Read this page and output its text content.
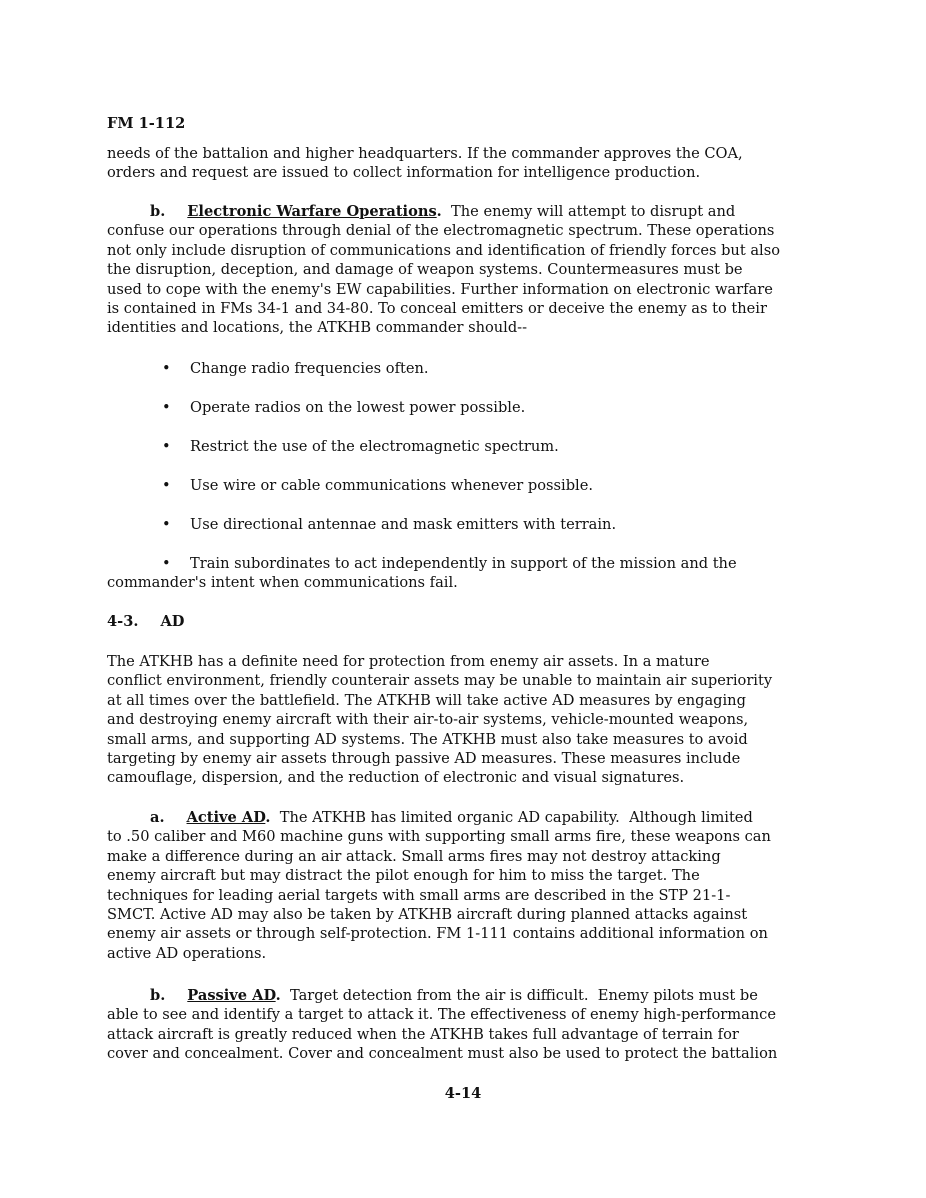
FM 1-112
needs of the battalion and higher headquarters. If the commander approves the COA,
orders and request are issued to collect information for intelligence production.
b. Electronic Warfare Operations.  The enemy will attempt to disrupt and
confuse our operations through denial of the electromagnetic spectrum. These operations
not only include disruption of communications and identification of friendly forces but also
the disruption, deception, and damage of weapon systems. Countermeasures must be
used to cope with the enemy's EW capabilities. Further information on electronic warfare
is contained in FMs 34-1 and 34-80. To conceal emitters or deceive the enemy as to their
identities and locations, the ATKHB commander should--
• Change radio frequencies often.
• Operate radios on the lowest power possible.
• Restrict the use of the electromagnetic spectrum.
• Use wire or cable communications whenever possible.
• Use directional antennae and mask emitters with terrain.
• Train subordinates to act independently in support of the mission and the
commander's intent when communications fail.
4-3. AD
The ATKHB has a definite need for protection from enemy air assets. In a mature
conflict environment, friendly counterair assets may be unable to maintain air superiority
at all times over the battlefield. The ATKHB will take active AD measures by engaging
and destroying enemy aircraft with their air-to-air systems, vehicle-mounted weapons,
small arms, and supporting AD systems. The ATKHB must also take measures to avoid
targeting by enemy air assets through passive AD measures. These measures include
camouflage, dispersion, and the reduction of electronic and visual signatures.
a. Active AD.  The ATKHB has limited organic AD capability.  Although limited
to .50 caliber and M60 machine guns with supporting small arms fire, these weapons can
make a difference during an air attack. Small arms fires may not destroy attacking
enemy aircraft but may distract the pilot enough for him to miss the target. The
techniques for leading aerial targets with small arms are described in the STP 21-1-
SMCT. Active AD may also be taken by ATKHB aircraft during planned attacks against
enemy air assets or through self-protection. FM 1-111 contains additional information on
active AD operations.
b. Passive AD.  Target detection from the air is difficult.  Enemy pilots must be
able to see and identify a target to attack it. The effectiveness of enemy high-performance
attack aircraft is greatly reduced when the ATKHB takes full advantage of terrain for
cover and concealment. Cover and concealment must also be used to protect the battalion
4-14
